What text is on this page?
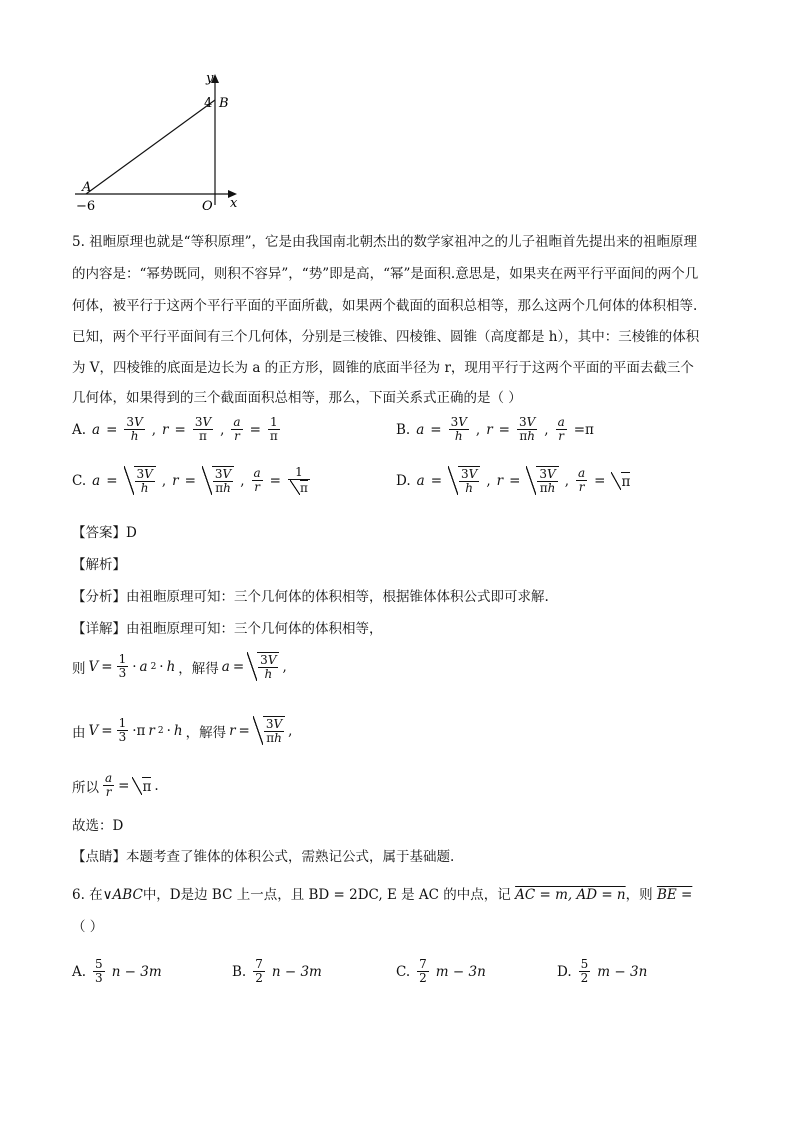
y
4 B
A
−6	O x
5. 祖暅原理也就是“等积原理”，它是由我国南北朝杰出的数学家祖冲之的儿子祖暅首先提出来的祖暅原理
的内容是：“幂势既同，则积不容异”，“势”即是高，“幂”是面积.意思是，如果夹在两平行平面间的两个几
何体，被平行于这两个平行平面的平面所截，如果两个截面的面积总相等，那么这两个几何体的体积相等.
已知，两个平行平面间有三个几何体，分别是三棱锥、四棱锥、圆锥（高度都是 h），其中：三棱锥的体积
为 V，四棱锥的底面是边长为 a 的正方形，圆锥的底面半径为 r，现用平行于这两个平面的平面去截三个
几何体，如果得到的三个截面面积总相等，那么，下面关系式正确的是（ ）
A. $a = \frac{3V}{h}$ , $r = \frac{3V}{\pi}$ , $\frac{a}{r} = \frac{1}{\pi}$	B. $a = \frac{3V}{h}$ , $r = \frac{3V}{\pi h}$ , $\frac{a}{r} =\pi$
C. $a = \frac{3V}{h}$ , $r = \frac{3V}{\pi h}$ , $\frac{a}{r} = \frac{1}{\pi}$	D. $a = \frac{3V}{h}$ , $r = \frac{3V}{\pi h}$ , $\frac{a}{r}$ =	π
【答案】D
【解析】
【分析】由祖暅原理可知：三个几何体的体积相等，根据锥体体积公式即可求解.
【详解】由祖暅原理可知：三个几何体的体积相等，
则 $V = \frac{1}{3} \cdot a$ 2 · h ，解得 $a = \frac{3V}{h}$ ,
由 $V = \frac{1}{3} \cdot\pi$ r 2 · h ，解得 $r = \frac{3V}{\pi h}$ ,
所以 $\frac{a}{r} = \pi$ .
故选：D
【点睛】本题考查了锥体的体积公式，需熟记公式，属于基础题.
6. 在∨ABC中，D是边 BC 上一点，且 BD = 2DC, E 是 AC 的中点，记 AC = m, AD = n，则 BE =
（ ）
A. $\frac{5}{3}$ n − 3m	B. $\frac{7}{2}$ n − 3m	C. $\frac{7}{2}$ m − 3n	D. $\frac{5}{2}$ m − 3n
